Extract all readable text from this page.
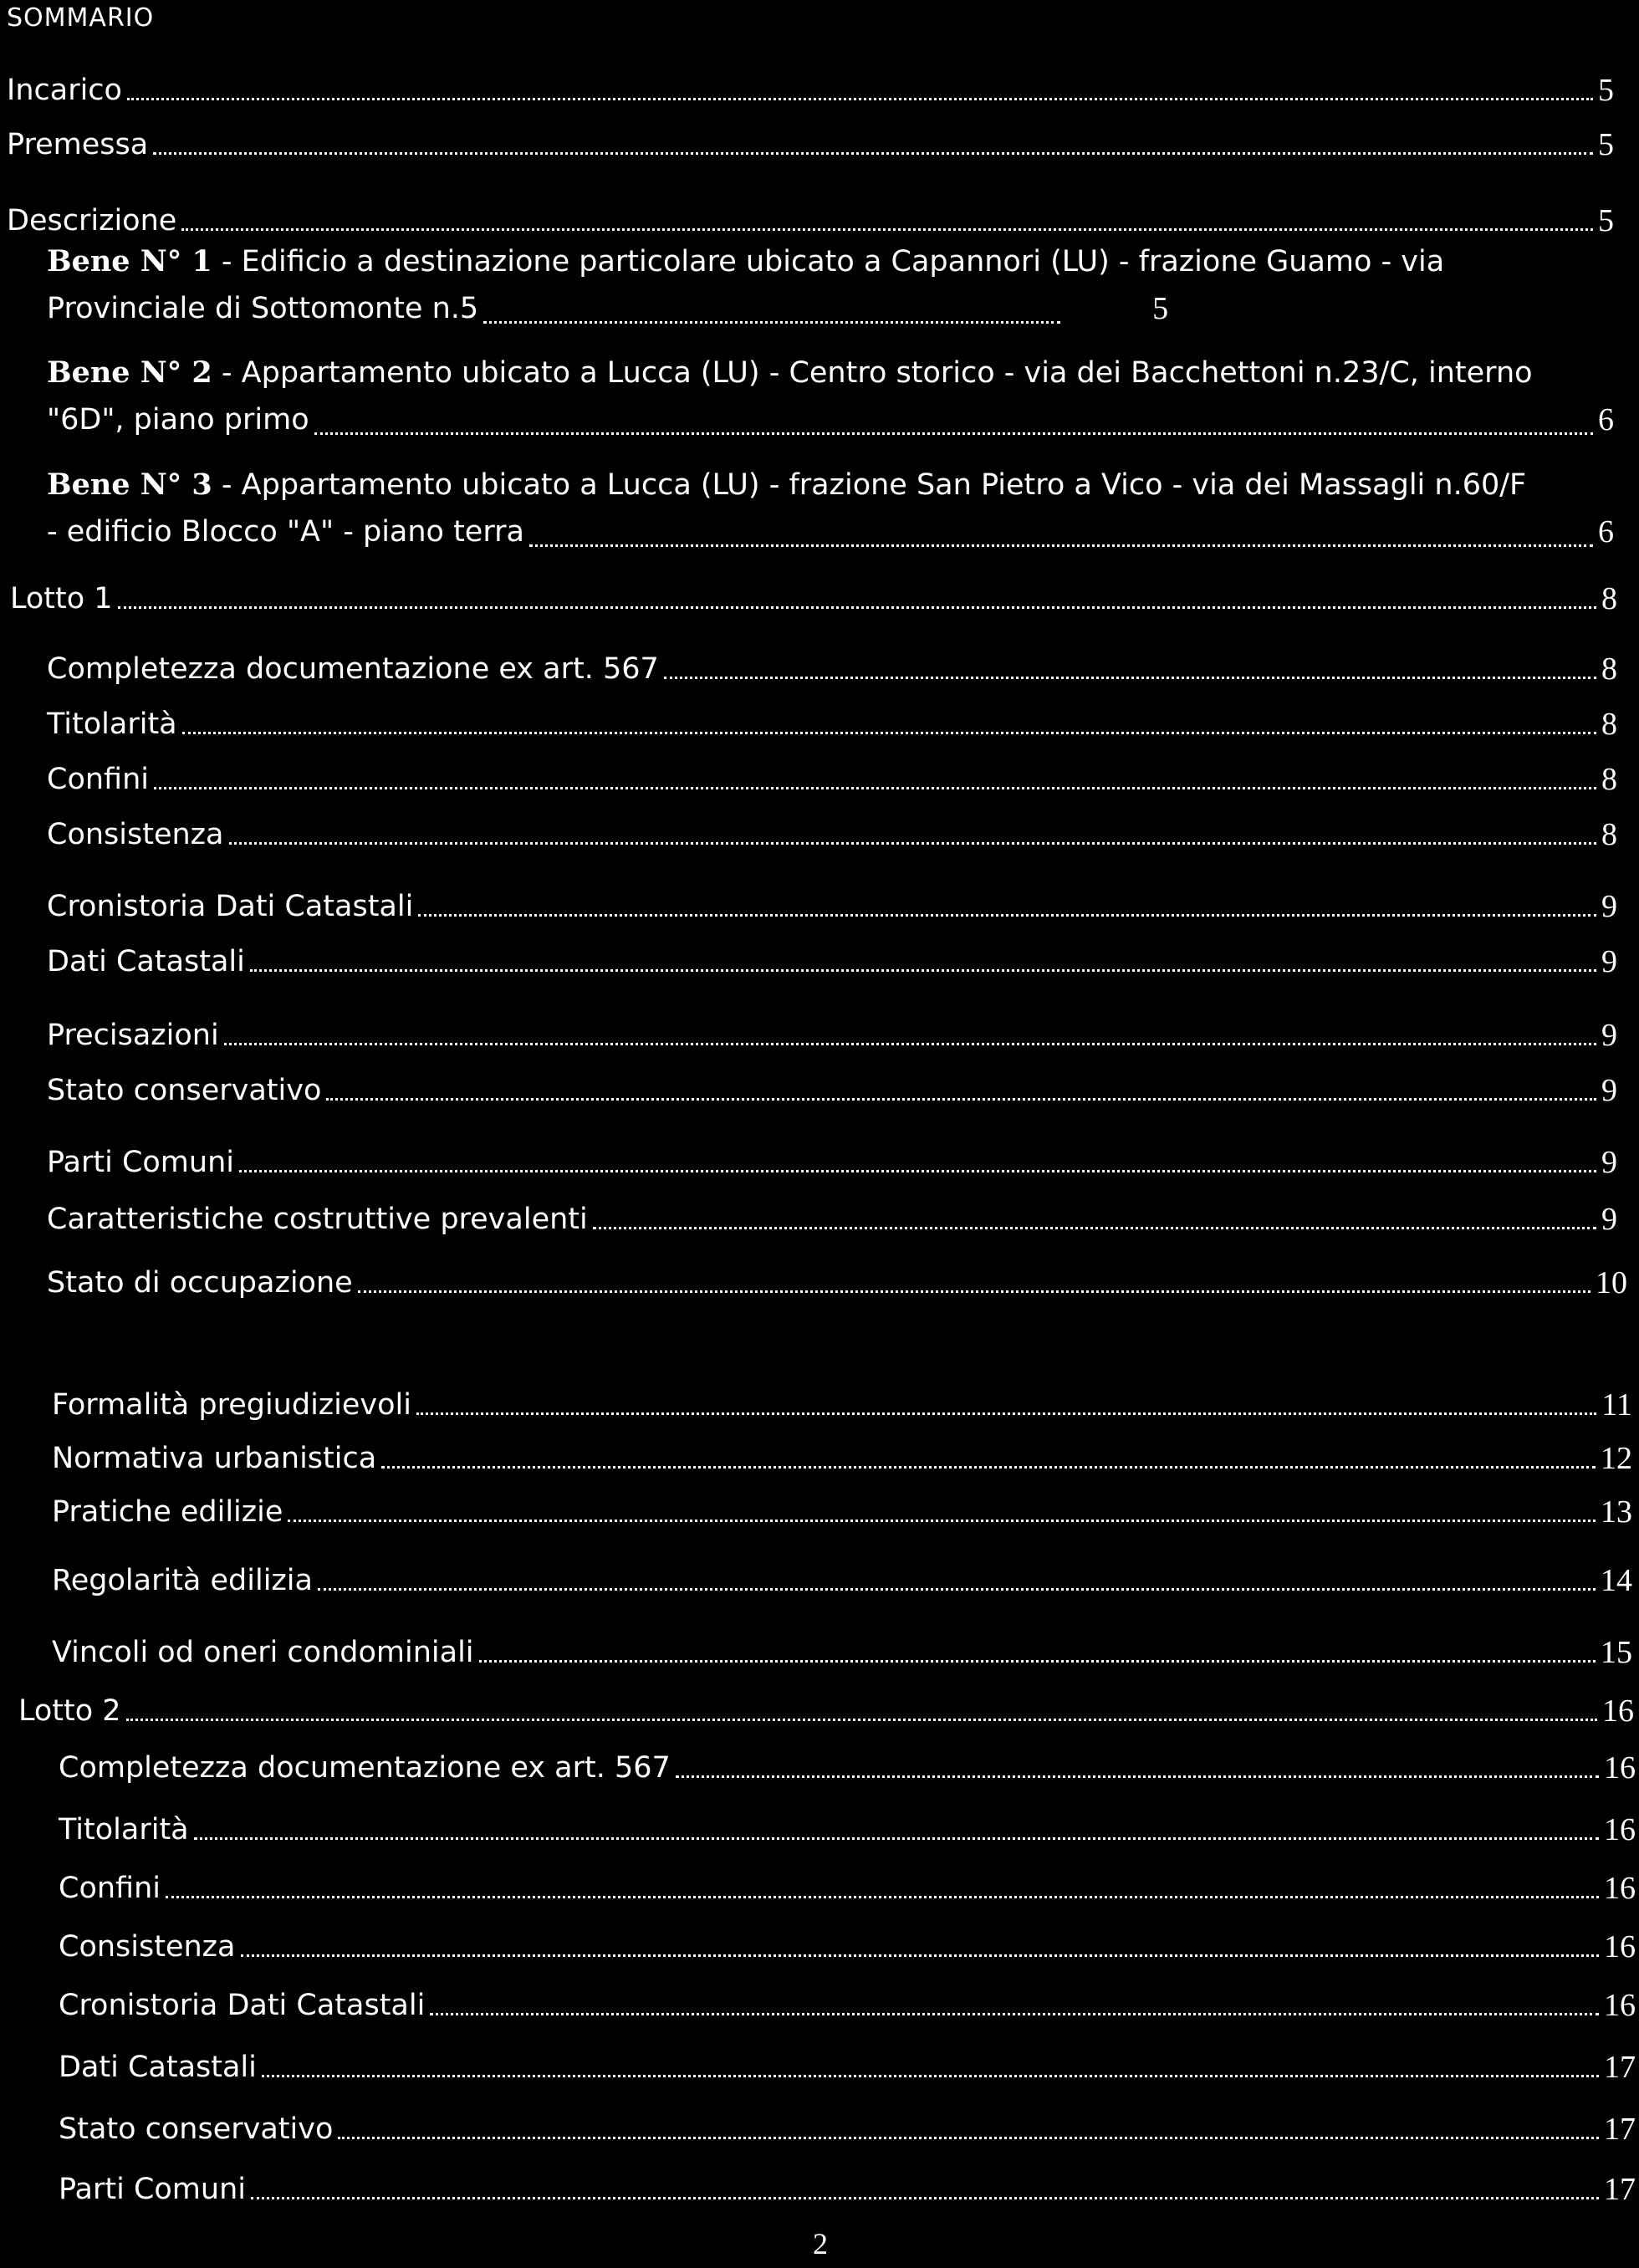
SOMMARIO
Incarico	5
Premessa	5
Descrizione	5
Bene N° 1 - Edificio a destinazione particolare ubicato a Capannori (LU) - frazione Guamo - via
Provinciale di Sottomonte n.5	5
Bene N° 2 - Appartamento ubicato a Lucca (LU) - Centro storico - via dei Bacchettoni n.23/C, interno
"6D", piano primo	6
Bene N° 3 - Appartamento ubicato a Lucca (LU) - frazione San Pietro a Vico - via dei Massagli n.60/F
- edificio Blocco "A" - piano terra	6
Lotto 1	8
Completezza documentazione ex art. 567	8
Titolarità	8
Confini	8
Consistenza	8
Cronistoria Dati Catastali	9
Dati Catastali	9
Precisazioni	9
Stato conservativo	9
Parti Comuni	9
Caratteristiche costruttive prevalenti	9
Stato di occupazione	10
Formalità pregiudizievoli	11
Normativa urbanistica	12
Pratiche edilizie	13
Regolarità edilizia	14
Vincoli od oneri condominiali	15
Lotto 2	16
Completezza documentazione ex art. 567	16
Titolarità	16
Confini	16
Consistenza	16
Cronistoria Dati Catastali	16
Dati Catastali	17
Stato conservativo	17
Parti Comuni	17
2
